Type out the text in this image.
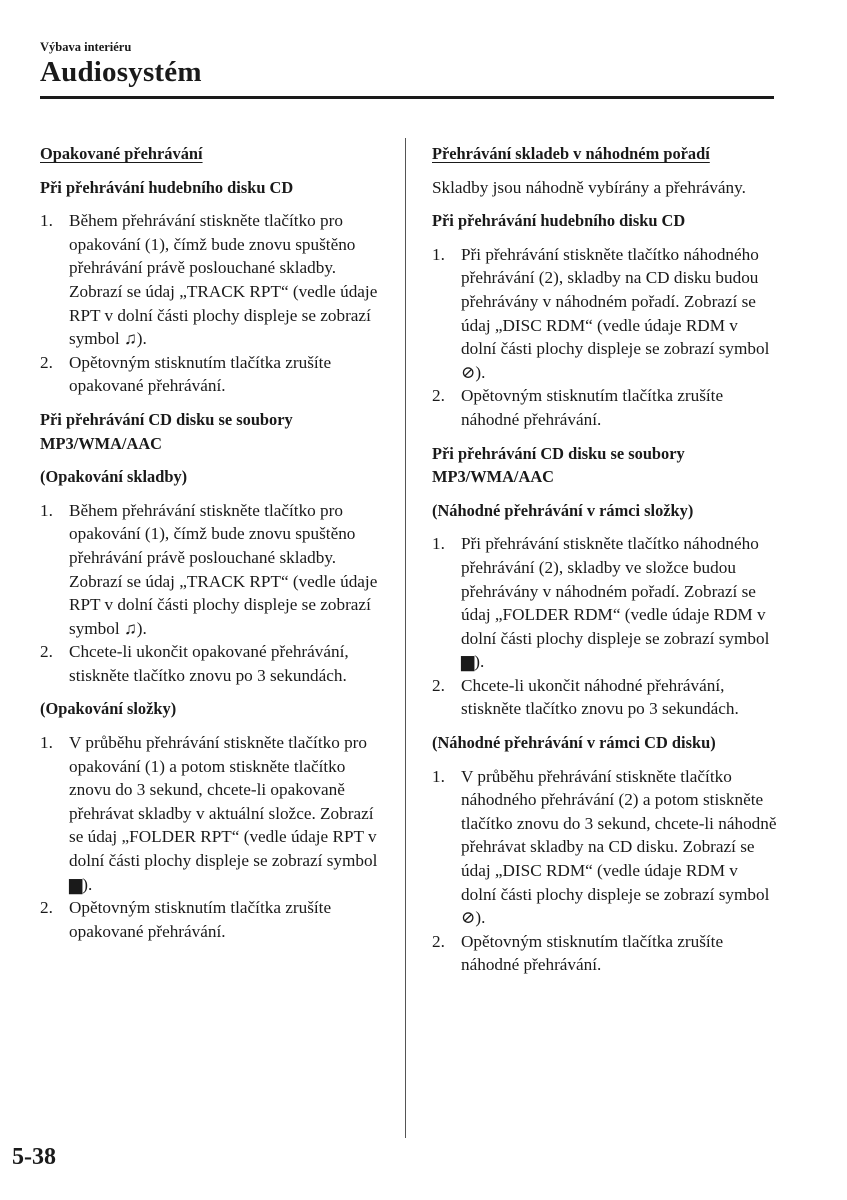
Výbava interiéru
Audiosystém
Opakované přehrávání
Při přehrávání hudebního disku CD
1. Během přehrávání stiskněte tlačítko pro opakování (1), čímž bude znovu spuštěno přehrávání právě poslouchané skladby. Zobrazí se údaj „TRACK RPT“ (vedle údaje RPT v dolní části plochy displeje se zobrazí symbol ♫).
2. Opětovným stisknutím tlačítka zrušíte opakované přehrávání.
Při přehrávání CD disku se soubory MP3/WMA/AAC
(Opakování skladby)
1. Během přehrávání stiskněte tlačítko pro opakování (1), čímž bude znovu spuštěno přehrávání právě poslouchané skladby. Zobrazí se údaj „TRACK RPT“ (vedle údaje RPT v dolní části plochy displeje se zobrazí symbol ♫).
2. Chcete-li ukončit opakované přehrávání, stiskněte tlačítko znovu po 3 sekundách.
(Opakování složky)
1. V průběhu přehrávání stiskněte tlačítko pro opakování (1) a potom stiskněte tlačítko znovu do 3 sekund, chcete-li opakovaně přehrávat skladby v aktuální složce. Zobrazí se údaj „FOLDER RPT“ (vedle údaje RPT v dolní části plochy displeje se zobrazí symbol ▆).
2. Opětovným stisknutím tlačítka zrušíte opakované přehrávání.
Přehrávání skladeb v náhodném pořadí

Skladby jsou náhodně vybírány a přehrávány.

Při přehrávání hudebního disku CD
1. Při přehrávání stiskněte tlačítko náhodného přehrávání (2), skladby na CD disku budou přehrávány v náhodném pořadí. Zobrazí se údaj „DISC RDM“ (vedle údaje RDM v dolní části plochy displeje se zobrazí symbol ⊘).
2. Opětovným stisknutím tlačítka zrušíte náhodné přehrávání.
Při přehrávání CD disku se soubory MP3/WMA/AAC
(Náhodné přehrávání v rámci složky)
1. Při přehrávání stiskněte tlačítko náhodného přehrávání (2), skladby ve složce budou přehrávány v náhodném pořadí. Zobrazí se údaj „FOLDER RDM“ (vedle údaje RDM v dolní části plochy displeje se zobrazí symbol ▆).
2. Chcete-li ukončit náhodné přehrávání, stiskněte tlačítko znovu po 3 sekundách.
(Náhodné přehrávání v rámci CD disku)
1. V průběhu přehrávání stiskněte tlačítko náhodného přehrávání (2) a potom stiskněte tlačítko znovu do 3 sekund, chcete-li náhodně přehrávat skladby na CD disku. Zobrazí se údaj „DISC RDM“ (vedle údaje RDM v dolní části plochy displeje se zobrazí symbol ⊘).
2. Opětovným stisknutím tlačítka zrušíte náhodné přehrávání.
5-38
